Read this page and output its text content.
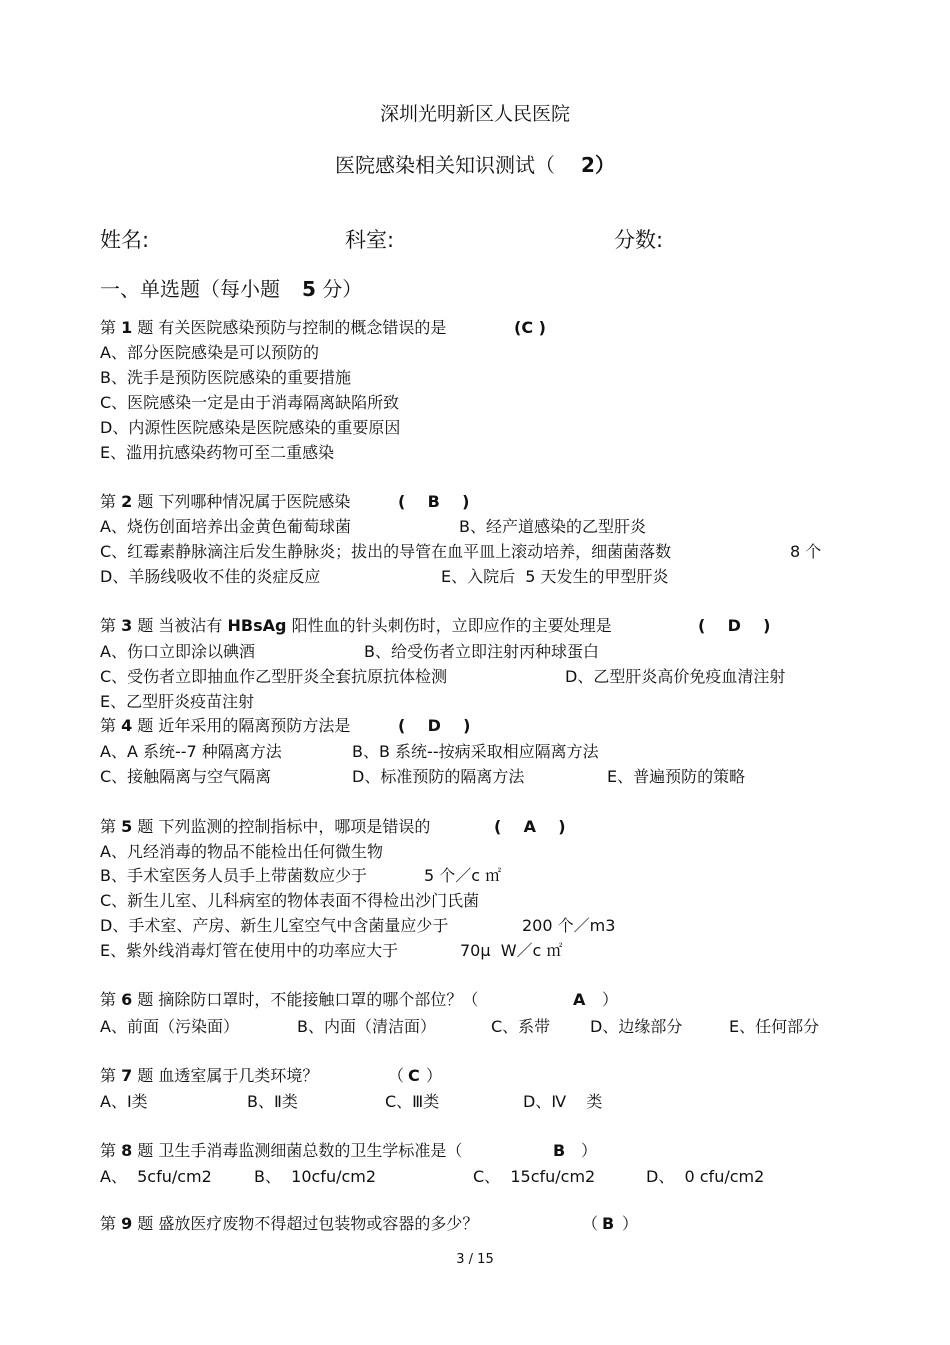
深圳光明新区人民医院
医院感染相关知识测试（ 2）
姓名:	科室:	分数:
一、单选题（每小题 5 分）
第 1 题 有关医院感染预防与控制的概念错误的是	(C )
A、部分医院感染是可以预防的
B、洗手是预防医院感染的重要措施
C、医院感染一定是由于消毒隔离缺陷所致
D、内源性医院感染是医院感染的重要原因
E、滥用抗感染药物可至二重感染
第 2 题 下列哪种情况属于医院感染	(    B    )
A、烧伤创面培养出金黄色葡萄球菌	B、经产道感染的乙型肝炎
C、红霉素静脉滴注后发生静脉炎；拔出的导管在血平皿上滚动培养，细菌菌落数	8 个
D、羊肠线吸收不佳的炎症反应	E、入院后  5 天发生的甲型肝炎
第 3 题 当被沾有 HBsAg 阳性血的针头刺伤时，立即应作的主要处理是	(    D    )
A、伤口立即涂以碘酒	B、给受伤者立即注射丙种球蛋白
C、受伤者立即抽血作乙型肝炎全套抗原抗体检测	D、乙型肝炎高价免疫血清注射
E、乙型肝炎疫苗注射
第 4 题 近年采用的隔离预防方法是	(    D    )
A、A 系统--7 种隔离方法	B、B 系统--按病采取相应隔离方法
C、接触隔离与空气隔离	D、标准预防的隔离方法	E、普遍预防的策略
第 5 题 下列监测的控制指标中，哪项是错误的	(    A    )
A、凡经消毒的物品不能检出任何微生物
B、手术室医务人员手上带菌数应少于	5 个／c ㎡
C、新生儿室、儿科病室的物体表面不得检出沙门氏菌
D、手术室、产房、新生儿室空气中含菌量应少于	200 个／m3
E、紫外线消毒灯管在使用中的功率应大于	70μ  W／c ㎡
第 6 题 摘除防口罩时，不能接触口罩的哪个部位？（	A ）
A、前面（污染面）	B、内面（清洁面）	C、系带 D、边缘部分	E、任何部分
第 7 题 血透室属于几类环境？	（ C ）
A、Ⅰ类	B、Ⅱ类	C、Ⅲ类	D、Ⅳ    类
第 8 题 卫生手消毒监测细菌总数的卫生学标准是（	B ）
A、  5cfu/cm2	B、  10cfu/cm2	C、  15cfu/cm2	D、  0 cfu/cm2
第 9 题 盛放医疗废物不得超过包装物或容器的多少？	（ B ）
3 / 15
